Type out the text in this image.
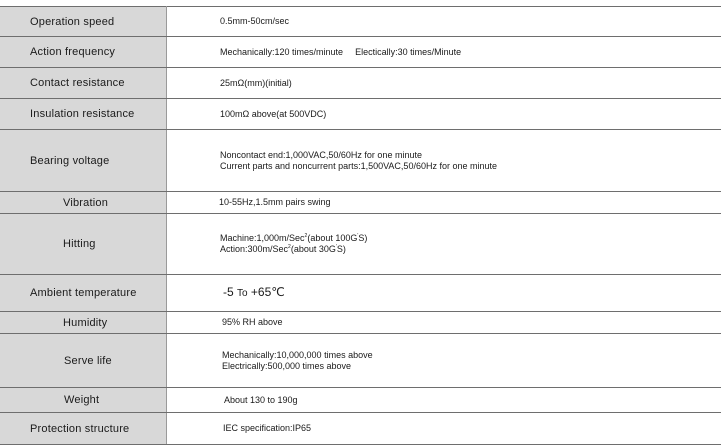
Operation speed	0.5mm-50cm/sec

Action frequency	Mechanically:120 times/minute Electically:30 times/Minute

Contact resistance	25mΩ(mm)(initial)

Insulation resistance	100mΩ above(at 500VDC)

Bearing voltage	Noncontact end:1,000VAC,50/60Hz for one minute
Current parts and noncurrent parts:1,500VAC,50/60Hz for one minute

Vibration	10-55Hz,1.5mm pairs swing

Hitting	Machine:1,000m/Sec$^2$(about 100G'S)
Action:300m/Sec$^2$(about 30G'S)

Ambient temperature	-5 To +65℃

Humidity	95% RH above

Serve life	Mechanically:10,000,000 times above
Electrically:500,000 times above

Weight	About 130 to 190g

Protection structure	IEC specification:IP65
